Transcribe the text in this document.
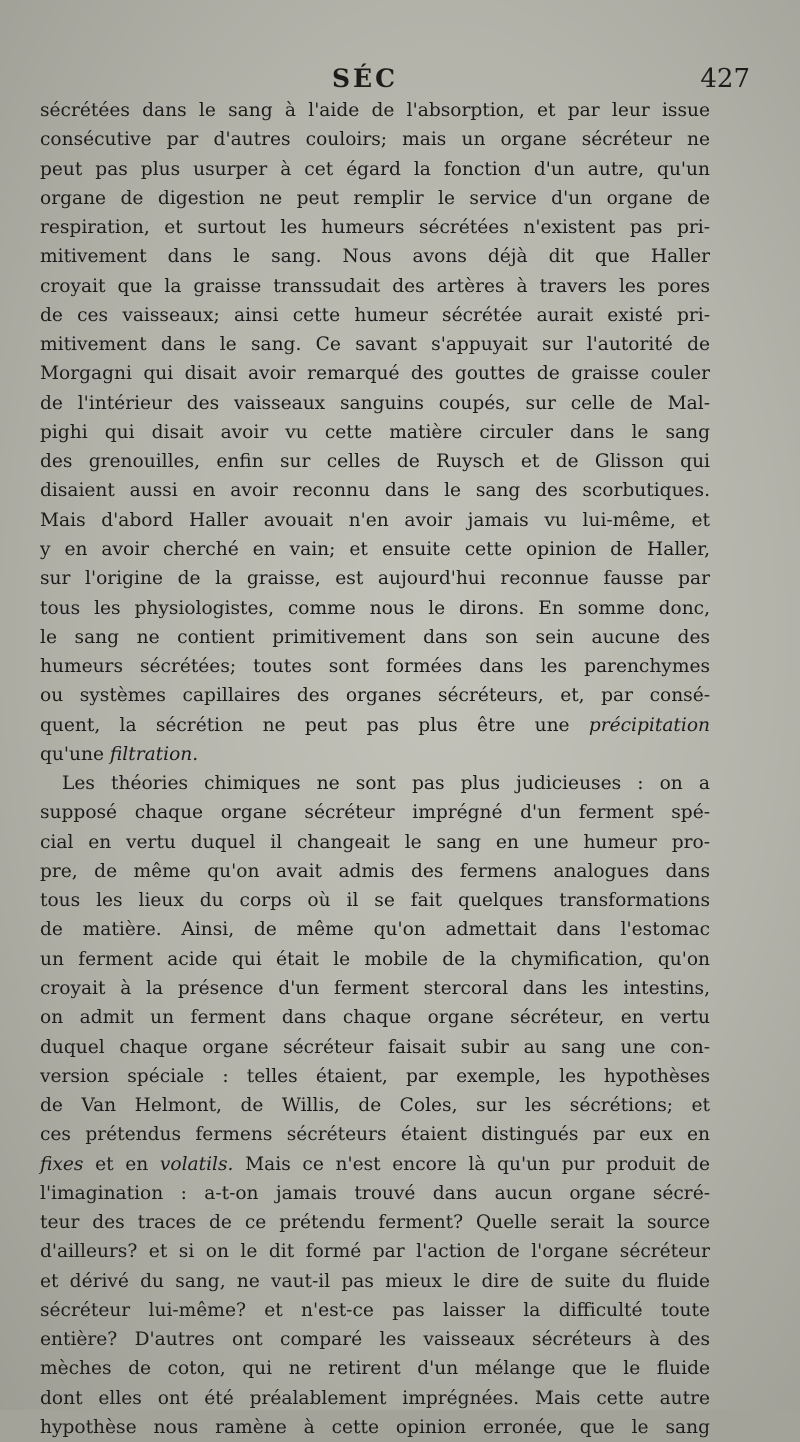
SÉC	427
sécrétées dans le sang à l'aide de l'absorption, et par leur issue
consécutive par d'autres couloirs; mais un organe sécréteur ne
peut pas plus usurper à cet égard la fonction d'un autre, qu'un
organe de digestion ne peut remplir le service d'un organe de
respiration, et surtout les humeurs sécrétées n'existent pas pri-
mitivement dans le sang. Nous avons déjà dit que Haller
croyait que la graisse transsudait des artères à travers les pores
de ces vaisseaux; ainsi cette humeur sécrétée aurait existé pri-
mitivement dans le sang. Ce savant s'appuyait sur l'autorité de
Morgagni qui disait avoir remarqué des gouttes de graisse couler
de l'intérieur des vaisseaux sanguins coupés, sur celle de Mal-
pighi qui disait avoir vu cette matière circuler dans le sang
des grenouilles, enfin sur celles de Ruysch et de Glisson qui
disaient aussi en avoir reconnu dans le sang des scorbutiques.
Mais d'abord Haller avouait n'en avoir jamais vu lui-même, et
y en avoir cherché en vain; et ensuite cette opinion de Haller,
sur l'origine de la graisse, est aujourd'hui reconnue fausse par
tous les physiologistes, comme nous le dirons. En somme donc,
le sang ne contient primitivement dans son sein aucune des
humeurs sécrétées; toutes sont formées dans les parenchymes
ou systèmes capillaires des organes sécréteurs, et, par consé-
quent, la sécrétion ne peut pas plus être une précipitation
qu'une filtration.
Les théories chimiques ne sont pas plus judicieuses : on a
supposé chaque organe sécréteur imprégné d'un ferment spé-
cial en vertu duquel il changeait le sang en une humeur pro-
pre, de même qu'on avait admis des fermens analogues dans
tous les lieux du corps où il se fait quelques transformations
de matière. Ainsi, de même qu'on admettait dans l'estomac
un ferment acide qui était le mobile de la chymification, qu'on
croyait à la présence d'un ferment stercoral dans les intestins,
on admit un ferment dans chaque organe sécréteur, en vertu
duquel chaque organe sécréteur faisait subir au sang une con-
version spéciale : telles étaient, par exemple, les hypothèses
de Van Helmont, de Willis, de Coles, sur les sécrétions; et
ces prétendus fermens sécréteurs étaient distingués par eux en
fixes et en volatils. Mais ce n'est encore là qu'un pur produit de
l'imagination : a-t-on jamais trouvé dans aucun organe sécré-
teur des traces de ce prétendu ferment? Quelle serait la source
d'ailleurs? et si on le dit formé par l'action de l'organe sécréteur
et dérivé du sang, ne vaut-il pas mieux le dire de suite du fluide
sécréteur lui-même? et n'est-ce pas laisser la difficulté toute
entière? D'autres ont comparé les vaisseaux sécréteurs à des
mèches de coton, qui ne retirent d'un mélange que le fluide
dont elles ont été préalablement imprégnées. Mais cette autre
hypothèse nous ramène à cette opinion erronée, que le sang
